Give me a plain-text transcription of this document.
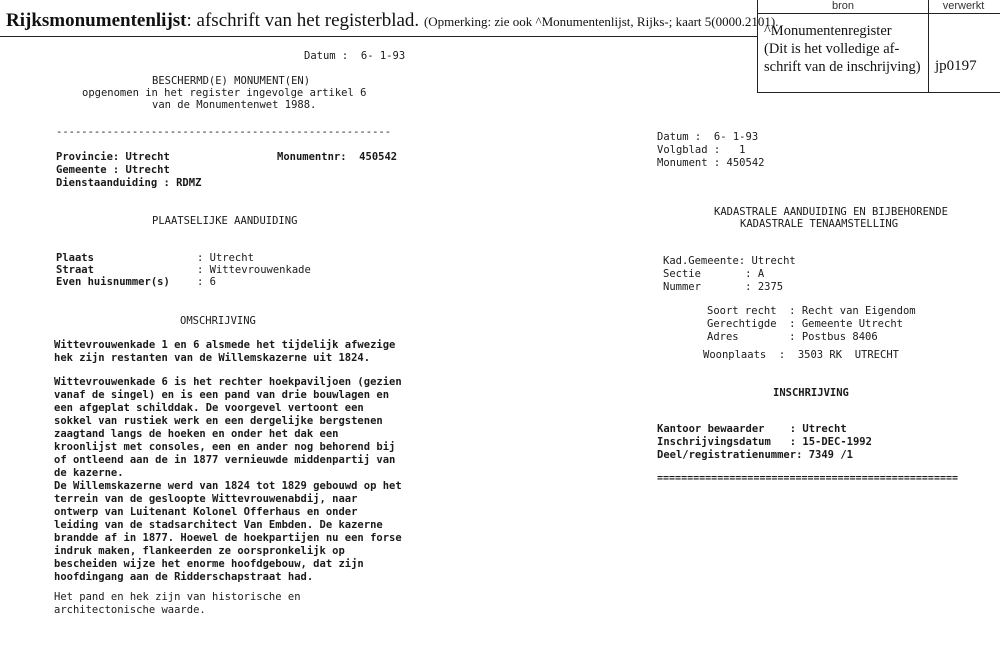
Rijksmonumentenlijst: afschrift van het registerblad. (Opmerking: zie ook ^Monumentenlijst, Rijks-; kaart 5(0000.2101).
bron
^Monumentenregister
(Dit is het volledige af-
schrift van de inschrijving)
verwerkt
jp0197
Datum :  6- 1-93
BESCHERMD(E) MONUMENT(EN)
opgenomen in het register ingevolge artikel 6
van de Monumentenwet 1988.
-----------------------------------------------------
Provincie: Utrecht	Monumentnr:  450542
Gemeente : Utrecht
Dienstaanduiding : RDMZ
PLAATSELIJKE AANDUIDING
Plaats
Straat
Even huisnummer(s)
: Utrecht
: Wittevrouwenkade
: 6
OMSCHRIJVING
Wittevrouwenkade 1 en 6 alsmede het tijdelijk afwezige
hek zijn restanten van de Willemskazerne uit 1824.
Wittevrouwenkade 6 is het rechter hoekpaviljoen (gezien
vanaf de singel) en is een pand van drie bouwlagen en
een afgeplat schilddak. De voorgevel vertoont een
sokkel van rustiek werk en een dergelijke bergstenen
zaagtand langs de hoeken en onder het dak een
kroonlijst met consoles, een en ander nog behorend bij
of ontleend aan de in 1877 vernieuwde middenpartij van
de kazerne.
De Willemskazerne werd van 1824 tot 1829 gebouwd op het
terrein van de gesloopte Wittevrouwenabdij, naar
ontwerp van Luitenant Kolonel Offerhaus en onder
leiding van de stadsarchitect Van Embden. De kazerne
brandde af in 1877. Hoewel de hoekpartijen nu een forse
indruk maken, flankeerden ze oorspronkelijk op
bescheiden wijze het enorme hoofdgebouw, dat zijn
hoofdingang aan de Ridderschapstraat had.
Het pand en hek zijn van historische en
architectonische waarde.
Datum :  6- 1-93
Volgblad :   1
Monument : 450542
KADASTRALE AANDUIDING EN BIJBEHORENDE
KADASTRALE TENAAMSTELLING
Kad.Gemeente: Utrecht
Sectie       : A
Nummer       : 2375
Soort recht  : Recht van Eigendom
Gerechtigde  : Gemeente Utrecht
Adres        : Postbus 8406
Woonplaats  :  3503 RK  UTRECHT
INSCHRIJVING
Kantoor bewaarder    : Utrecht
Inschrijvingsdatum   : 15-DEC-1992
Deel/registratienummer: 7349 /1
==================================================
